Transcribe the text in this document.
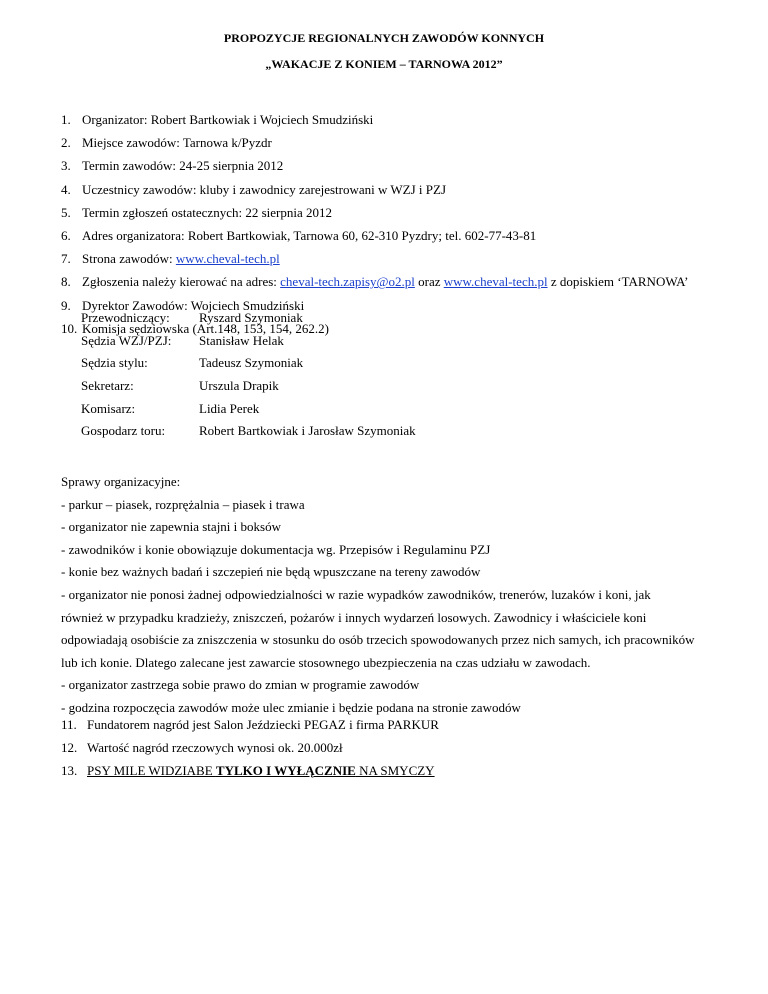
PROPOZYCJE REGIONALNYCH ZAWODÓW KONNYCH
„WAKACJE Z KONIEM – TARNOWA 2012”
1. Organizator: Robert Bartkowiak i Wojciech Smudziński
2. Miejsce zawodów: Tarnowa k/Pyzdr
3. Termin zawodów: 24-25 sierpnia 2012
4. Uczestnicy zawodów: kluby i zawodnicy zarejestrowani w WZJ i PZJ
5. Termin zgłoszeń ostatecznych: 22 sierpnia 2012
6. Adres organizatora: Robert Bartkowiak, Tarnowa 60, 62-310 Pyzdry; tel. 602-77-43-81
7. Strona zawodów: www.cheval-tech.pl
8. Zgłoszenia należy kierować na adres: cheval-tech.zapisy@o2.pl oraz www.cheval-tech.pl z dopiskiem ‘TARNOWA’
9. Dyrektor Zawodów: Wojciech Smudziński
10. Komisja sędziowska (Art.148, 153, 154, 262.2)
Przewodniczący: Ryszard Szymoniak
Sędzia WZJ/PZJ: Stanisław Helak
Sędzia stylu:	Tadeusz Szymoniak
Sekretarz:	Urszula Drapik
Komisarz:	Lidia Perek
Gospodarz toru:	Robert Bartkowiak i Jarosław Szymoniak
Sprawy organizacyjne:
- parkur – piasek, rozprężalnia – piasek i trawa
- organizator nie zapewnia stajni i boksów
- zawodników i konie obowiązuje dokumentacja wg. Przepisów i Regulaminu PZJ
- konie bez ważnych badań i szczepień nie będą wpuszczane na tereny zawodów
- organizator nie ponosi żadnej odpowiedzialności w razie wypadków zawodników, trenerów, luzaków i koni, jak
również w przypadku kradzieży, zniszczeń, pożarów i innych wydarzeń losowych. Zawodnicy i właściciele koni
odpowiadają osobiście za zniszczenia w stosunku do osób trzecich spowodowanych przez nich samych, ich pracowników
lub ich konie. Dlatego zalecane jest zawarcie stosownego ubezpieczenia na czas udziału w zawodach.
- organizator zastrzega sobie prawo do zmian w programie zawodów
- godzina rozpoczęcia zawodów może ulec zmianie i będzie podana na stronie zawodów
11. Fundatorem nagród jest Salon Jeździecki PEGAZ i firma PARKUR
12. Wartość nagród rzeczowych wynosi ok. 20.000zł
13. PSY MILE WIDZIABE TYLKO I WYŁĄCZNIE NA SMYCZY
